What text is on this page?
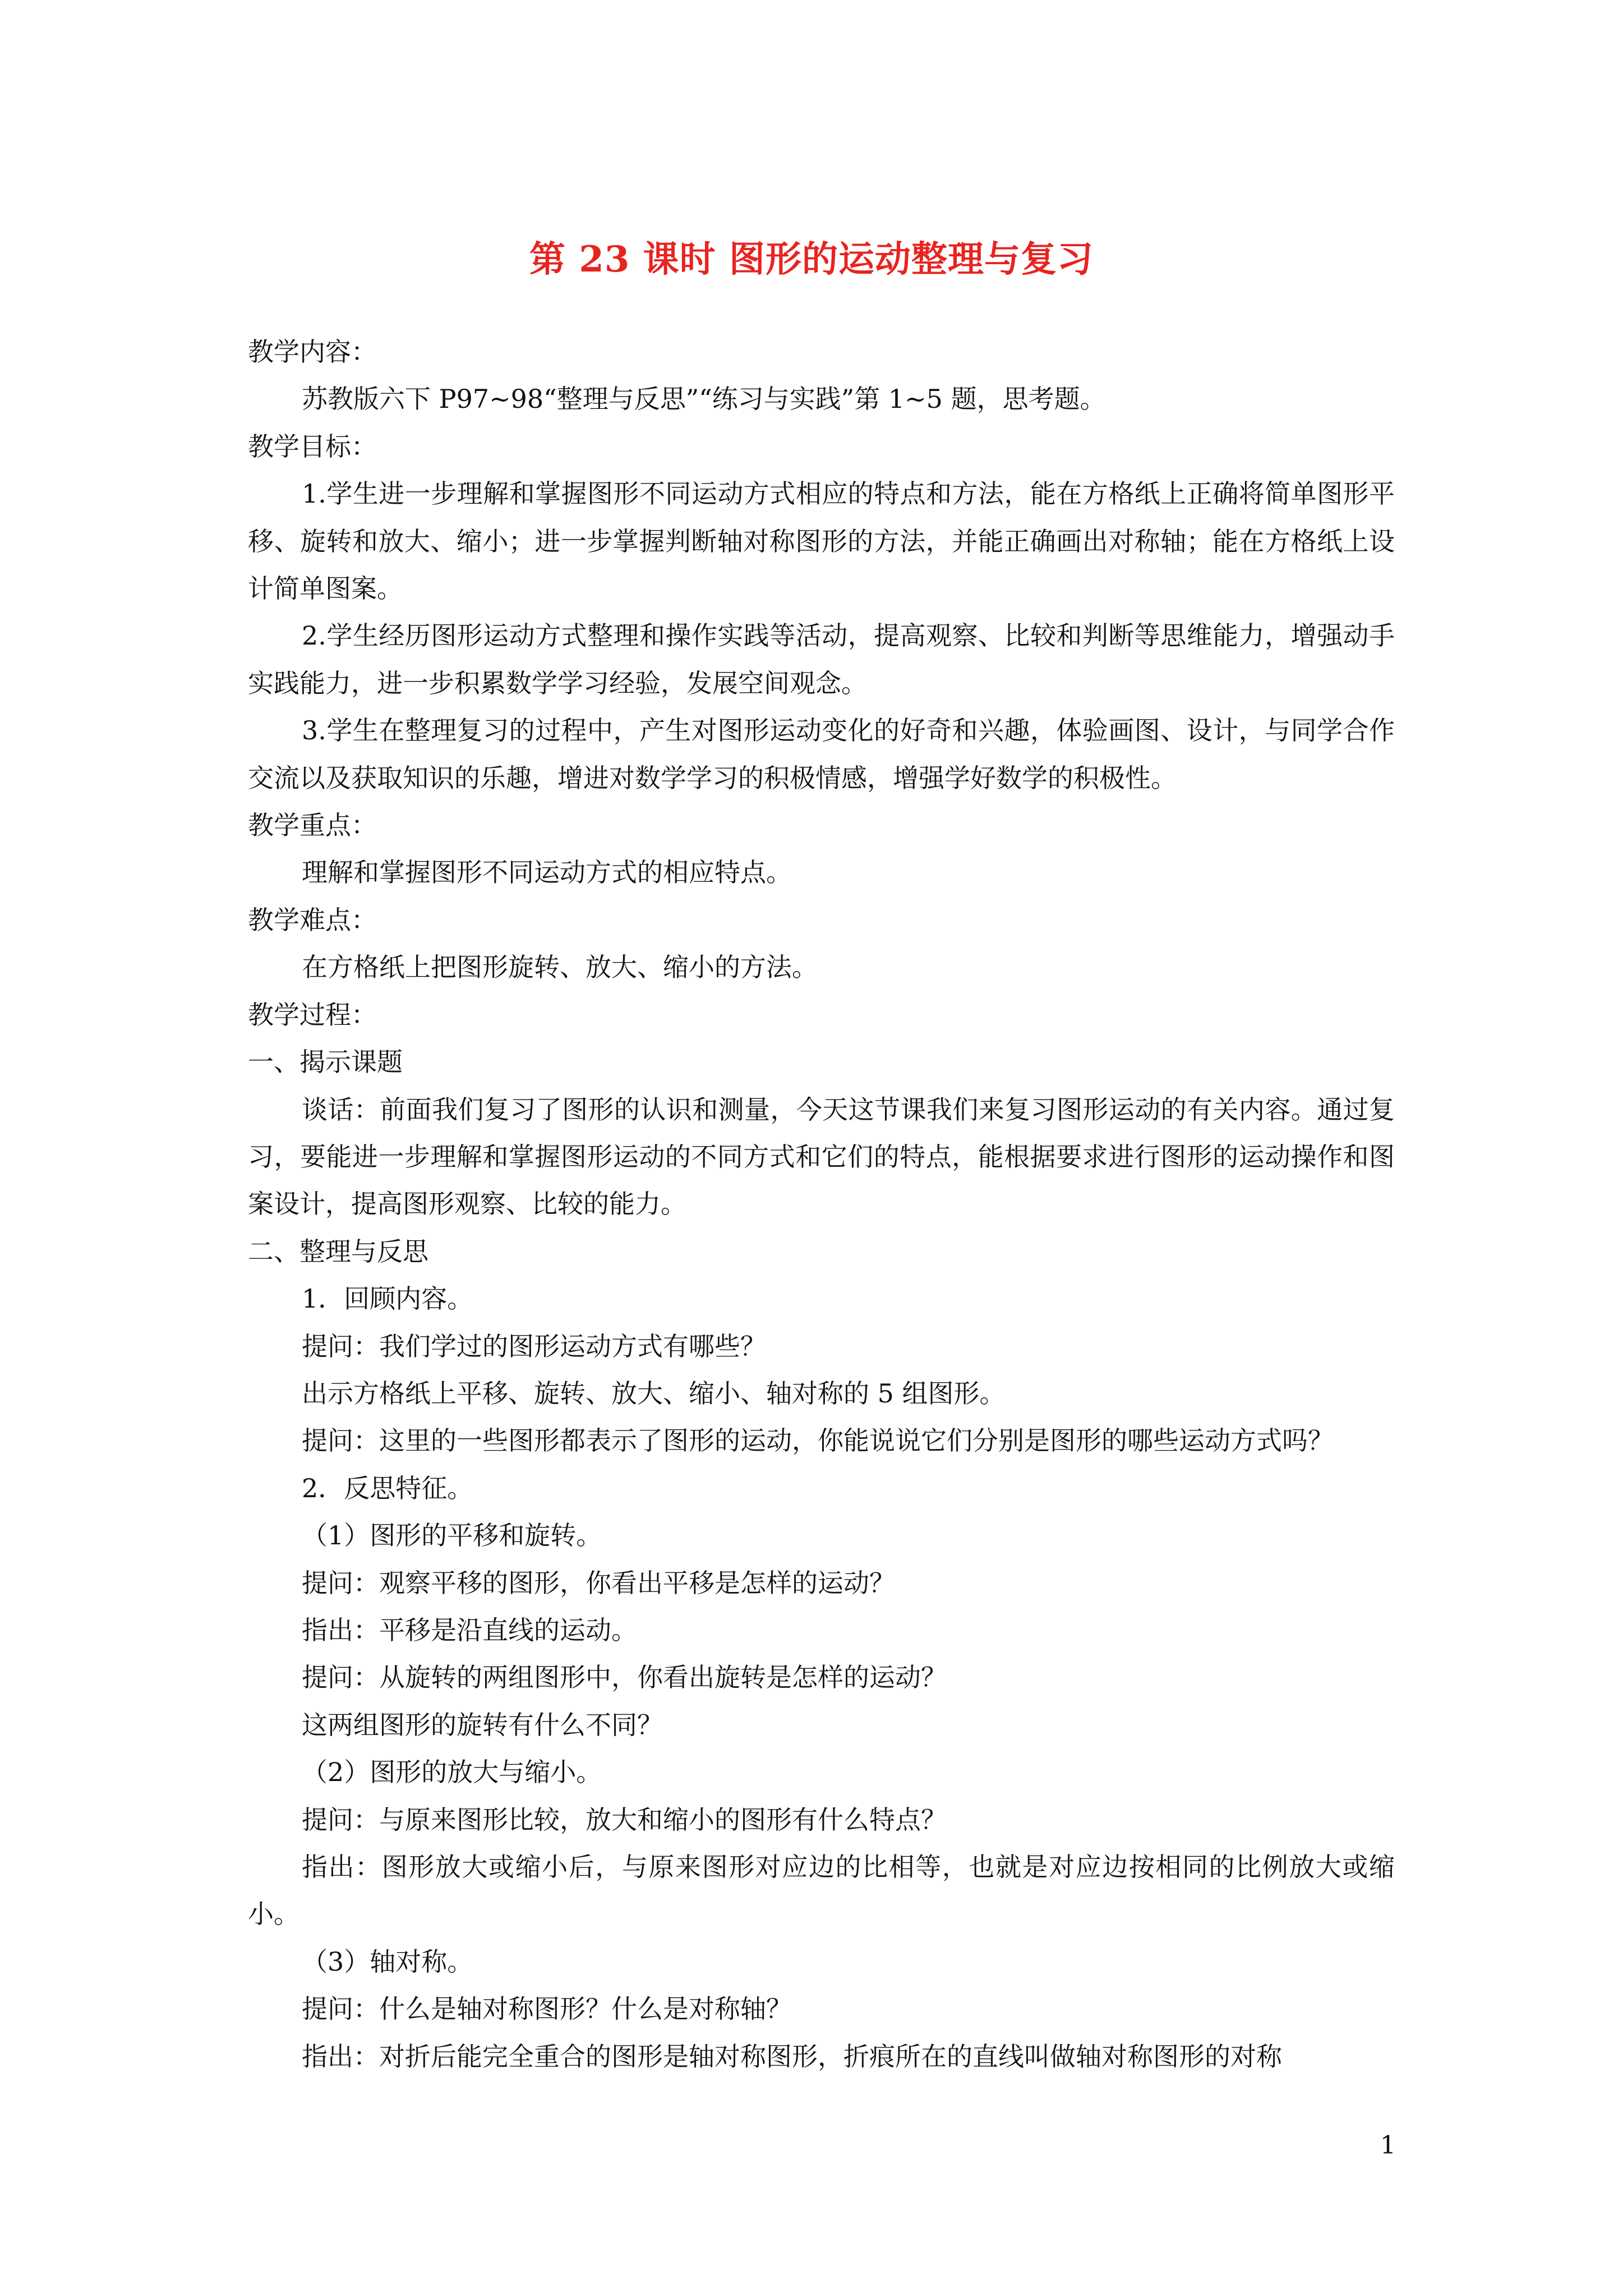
第 23 课时 图形的运动整理与复习

教学内容：

苏教版六下 P97~98“整理与反思”“练习与实践”第 1~5 题，思考题。

教学目标：

1.学生进一步理解和掌握图形不同运动方式相应的特点和方法，能在方格纸上正确将简单图形平移、旋转和放大、缩小；进一步掌握判断轴对称图形的方法，并能正确画出对称轴；能在方格纸上设计简单图案。

2.学生经历图形运动方式整理和操作实践等活动，提高观察、比较和判断等思维能力，增强动手实践能力，进一步积累数学学习经验，发展空间观念。

3.学生在整理复习的过程中，产生对图形运动变化的好奇和兴趣，体验画图、设计，与同学合作交流以及获取知识的乐趣，增进对数学学习的积极情感，增强学好数学的积极性。

教学重点：

理解和掌握图形不同运动方式的相应特点。

教学难点：

在方格纸上把图形旋转、放大、缩小的方法。

教学过程：

一、揭示课题

谈话：前面我们复习了图形的认识和测量，今天这节课我们来复习图形运动的有关内容。通过复习，要能进一步理解和掌握图形运动的不同方式和它们的特点，能根据要求进行图形的运动操作和图案设计，提高图形观察、比较的能力。

二、整理与反思

1．回顾内容。

提问：我们学过的图形运动方式有哪些？

出示方格纸上平移、旋转、放大、缩小、轴对称的 5 组图形。

提问：这里的一些图形都表示了图形的运动，你能说说它们分别是图形的哪些运动方式吗？

2．反思特征。

（1）图形的平移和旋转。

提问：观察平移的图形，你看出平移是怎样的运动？

指出：平移是沿直线的运动。

提问：从旋转的两组图形中，你看出旋转是怎样的运动？

这两组图形的旋转有什么不同？

（2）图形的放大与缩小。

提问：与原来图形比较，放大和缩小的图形有什么特点？

指出：图形放大或缩小后，与原来图形对应边的比相等，也就是对应边按相同的比例放大或缩小。

（3）轴对称。

提问：什么是轴对称图形？什么是对称轴？

指出：对折后能完全重合的图形是轴对称图形，折痕所在的直线叫做轴对称图形的对称

1
